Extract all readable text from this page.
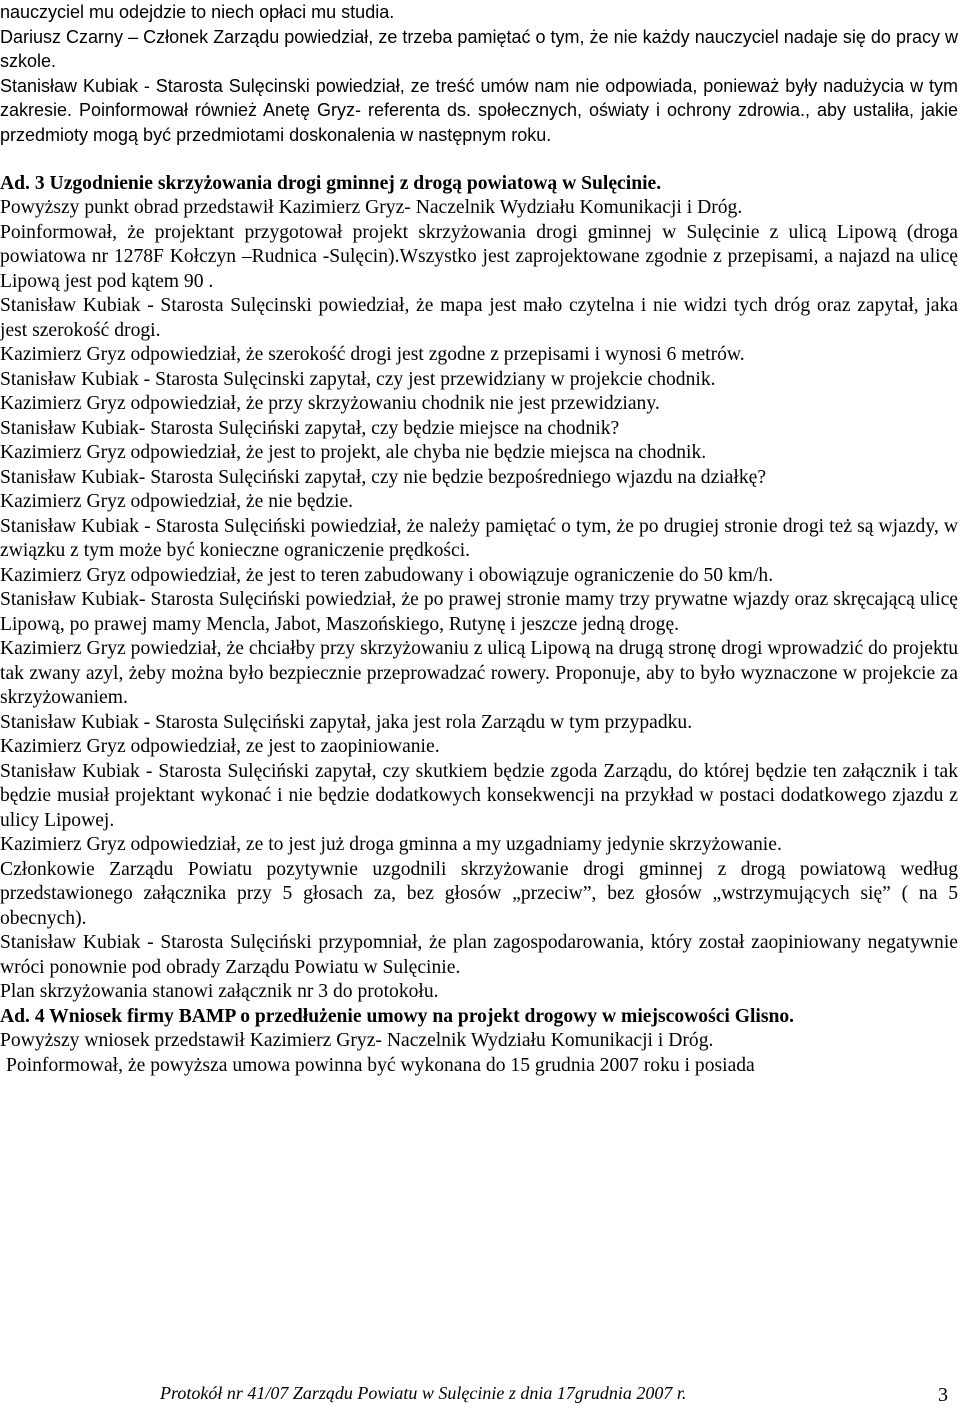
nauczyciel mu odejdzie to niech opłaci mu studia.

Dariusz Czarny – Członek Zarządu powiedział, ze trzeba pamiętać o tym, że nie każdy nauczyciel nadaje się do pracy w szkole.

Stanisław Kubiak - Starosta Sulęcinski powiedział, ze treść umów nam nie odpowiada, ponieważ były nadużycia w tym zakresie. Poinformował również Anetę Gryz- referenta ds. społecznych, oświaty i ochrony zdrowia., aby ustaliła, jakie przedmioty mogą być przedmiotami doskonalenia w następnym roku.

Ad. 3 Uzgodnienie skrzyżowania drogi gminnej z drogą powiatową w Sulęcinie.

Powyższy punkt obrad przedstawił Kazimierz Gryz- Naczelnik Wydziału Komunikacji i Dróg.

Poinformował, że projektant przygotował projekt skrzyżowania drogi gminnej w Sulęcinie z ulicą Lipową (droga powiatowa nr 1278F Kołczyn –Rudnica -Sulęcin).Wszystko jest zaprojektowane zgodnie z przepisami, a najazd na ulicę Lipową jest pod kątem 90 .

Stanisław Kubiak - Starosta Sulęcinski powiedział, że mapa jest mało czytelna i nie widzi tych dróg oraz zapytał, jaka jest szerokość drogi.

Kazimierz Gryz odpowiedział, że szerokość drogi jest zgodne z przepisami i wynosi 6 metrów.

Stanisław Kubiak - Starosta Sulęcinski zapytał, czy jest przewidziany w projekcie chodnik.

Kazimierz Gryz odpowiedział, że przy skrzyżowaniu chodnik nie jest przewidziany.

Stanisław Kubiak- Starosta Sulęciński zapytał, czy będzie miejsce na chodnik?

Kazimierz Gryz odpowiedział, że jest to projekt, ale chyba nie będzie miejsca na chodnik.

Stanisław Kubiak- Starosta Sulęciński zapytał, czy nie będzie bezpośredniego wjazdu na działkę?

Kazimierz Gryz odpowiedział, że nie będzie.

Stanisław Kubiak - Starosta Sulęciński powiedział, że należy pamiętać o tym, że po drugiej stronie drogi też są wjazdy, w związku z tym może być konieczne ograniczenie prędkości.

Kazimierz Gryz odpowiedział, że jest to teren zabudowany i obowiązuje ograniczenie do 50 km/h.

Stanisław Kubiak- Starosta Sulęciński powiedział, że po prawej stronie mamy trzy prywatne wjazdy oraz skręcającą ulicę Lipową, po prawej mamy Mencla, Jabot, Maszońskiego, Rutynę i jeszcze jedną drogę.

Kazimierz Gryz powiedział, że chciałby przy skrzyżowaniu z ulicą Lipową na drugą stronę drogi wprowadzić do projektu tak zwany azyl, żeby można było bezpiecznie przeprowadzać rowery. Proponuje, aby to było wyznaczone w projekcie za skrzyżowaniem.

Stanisław Kubiak - Starosta Sulęciński zapytał, jaka jest rola Zarządu w tym przypadku.

Kazimierz Gryz odpowiedział, ze jest to zaopiniowanie.

Stanisław Kubiak - Starosta Sulęciński zapytał, czy skutkiem będzie zgoda Zarządu, do której będzie ten załącznik i tak będzie musiał projektant wykonać i nie będzie dodatkowych konsekwencji na przykład w postaci dodatkowego zjazdu z ulicy Lipowej.

Kazimierz Gryz odpowiedział, ze to jest już droga gminna a my uzgadniamy jedynie skrzyżowanie.

Członkowie Zarządu Powiatu pozytywnie uzgodnili skrzyżowanie drogi gminnej z drogą powiatową według przedstawionego załącznika przy 5 głosach za, bez głosów „przeciw”, bez głosów „wstrzymujących się” ( na 5 obecnych).

Stanisław Kubiak - Starosta Sulęciński przypomniał, że plan zagospodarowania, który został zaopiniowany negatywnie wróci ponownie pod obrady Zarządu Powiatu w Sulęcinie.

Plan skrzyżowania stanowi załącznik nr 3 do protokołu.

Ad. 4 Wniosek firmy BAMP o przedłużenie umowy na projekt drogowy w miejscowości Glisno.

Powyższy wniosek przedstawił Kazimierz Gryz- Naczelnik Wydziału Komunikacji i Dróg.

Poinformował, że powyższa umowa powinna być wykonana do 15 grudnia 2007 roku i posiada

Protokół nr 41/07 Zarządu Powiatu w Sulęcinie z dnia 17grudnia 2007 r.	3
